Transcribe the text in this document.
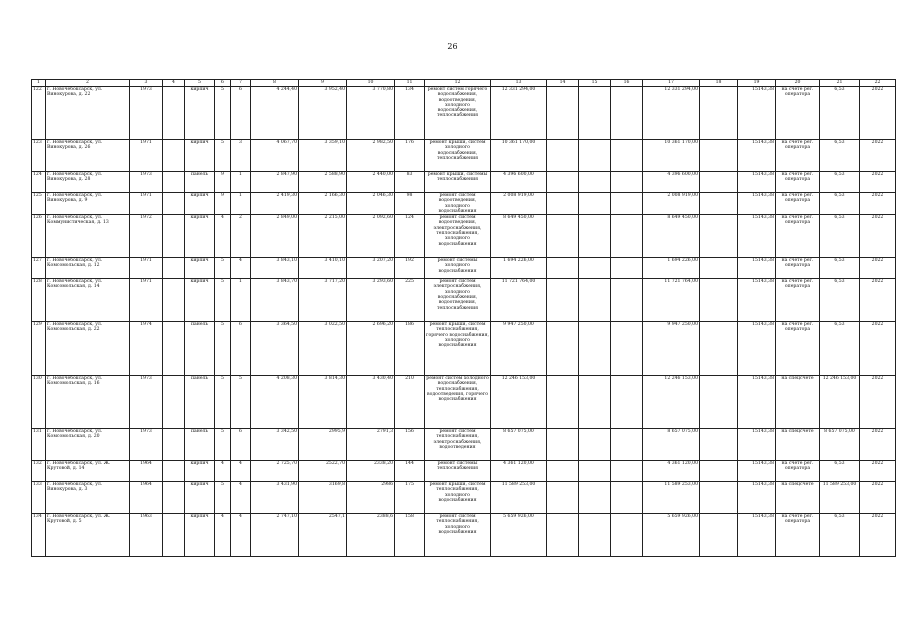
26
1	2	3	4	5	6	7	8	9	10	11	12	13	14	15	16	17	18	19	20	21	22
122	г. Новочебоксарск, ул. Винокурова, д. 22	1973		кирпич	5	6	4 244,40	3 952,40	3 770,80	134	ремонт систем горячего водоснабжения, водоотведения, холодного водоснабжения, теплоснабжения	12 331 294,00				12 331 294,00		15143,38	на счете рег. оператора	6,53	2022
123	г. Новочебоксарск, ул. Винокурова, д. 26	1971		кирпич	5	3	4 067,70	3 359,10	2 982,50	176	ремонт крыши, систем холодного водоснабжения, теплоснабжения	10 361 170,00				10 361 170,00		15143,38	на счете рег. оператора	6,53	2022
124	г. Новочебоксарск, ул. Винокурова, д. 28	1973		панель	9	1	2 847,90	2 588,90	2 440,00	83	ремонт крыши, системы теплоснабжения	4 396 600,00				4 396 600,00		15143,38	на счете рег. оператора	6,53	2022
125	г. Новочебоксарск, ул. Винокурова, д. 9	1971		кирпич	9	1	2 419,30	2 166,30	2 046,30	98	ремонт систем водоотведения, холодного водоснабжения	2 008 919,00				2 008 919,00		15143,38	на счете рег. оператора	6,53	2022
126	г. Новочебоксарск, ул. Коммунистическая, д. 13	1972		кирпич	4	2	2 849,00	2 215,00	2 092,60	124	ремонт систем водоотведения, электроснабжения, теплоснабжения, холодного водоснабжения	8 649 450,00				8 649 450,00		15143,38	на счете рег. оператора	6,53	2022
127	г. Новочебоксарск, ул. Комсомольская, д. 12	1971		кирпич	5	4	3 843,10	3 410,10	3 207,20	192	ремонт системы холодного водоснабжения	1 694 226,00				1 694 226,00		15143,38	на счете рег. оператора	6,53	2022
128	г. Новочебоксарск, ул. Комсомольская, д. 14	1971		кирпич	5	1	3 843,70	3 717,20	3 293,60	225	ремонт систем электроснабжения, холодного водоснабжения, водоотведения, теплоснабжения	11 721 764,00				11 721 764,00		15143,38	на счете рег. оператора	6,53	2022
129	г. Новочебоксарск, ул. Комсомольская, д. 22	1974		панель	5	6	3 364,50	3 022,50	2 696,20	186	ремонт крыши, систем теплоснабжения, горячего водоснабжения, холодного водоснабжения	9 947 250,00				9 947 250,00		15143,38	на счете рег. оператора	6,53	2022
130	г. Новочебоксарск, ул. Комсомольская, д. 16	1973		панель	5	5	4 208,30	3 814,30	3 430,40	210	ремонт систем холодного водоснабжения, теплоснабжения, водоотведения, горячего водоснабжения	12 246 153,00				12 246 153,00		15143,38	на спецсчете	12 246 153,00	2022
131	г. Новочебоксарск, ул. Комсомольская, д. 20	1973		панель	5	6	3 342,50	2995,9	2791,3	156	ремонт систем теплоснабжения, электроснабжения, водоотведения	8 657 075,00				8 657 075,00		15143,38	на спецсчете	8 657 075,00	2022
132	г. Новочебоксарск, ул. Ж. Крутовой, д. 14	1964		кирпич	4	4	2 725,70	2522,70	2338,20	144	ремонт системы теплоснабжения	4 361 120,00				4 361 120,00		15143,38	на счете рег. оператора	6,53	2022
133	г. Новочебоксарск, ул. Винокурова, д. 3	1964		кирпич	5	4	3 431,90	3169,8	2986	175	ремонт крыши, систем теплоснабжения, холодного водоснабжения	11 589 253,00				11 589 253,00		15143,38	на спецсчете	11 589 253,00	2022
134	г. Новочебоксарск, ул. Ж. Крутовой, д. 5	1963		кирпич	4	4	2 747,10	2547,1	2388,6	158	ремонт систем теплоснабжения, холодного водоснабжения	5 659 926,00				5 659 926,00		15143,38	на счете рег. оператора	6,53	2022
